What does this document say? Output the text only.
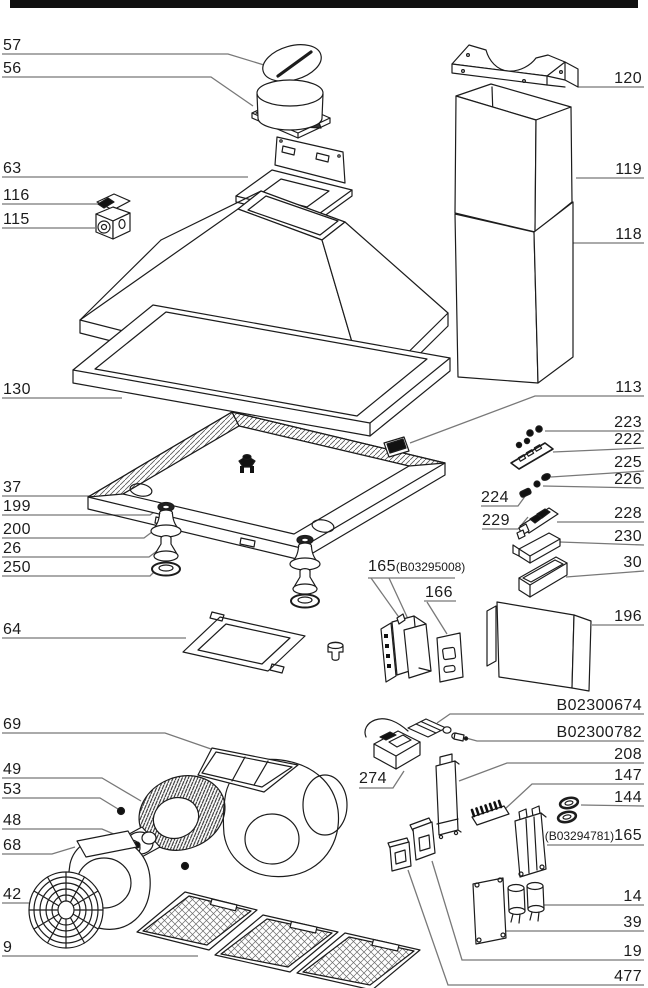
57
56
63
116
115
130
37
199
200
26
250
64
69
49
53
48
68
42
9
120
119
118
113
223
222
225
226
228
230
30
196
B02300674
B02300782
208
147
144
(B03294781)165
14
39
19
477
165(B03295008)
166
224
229
274
